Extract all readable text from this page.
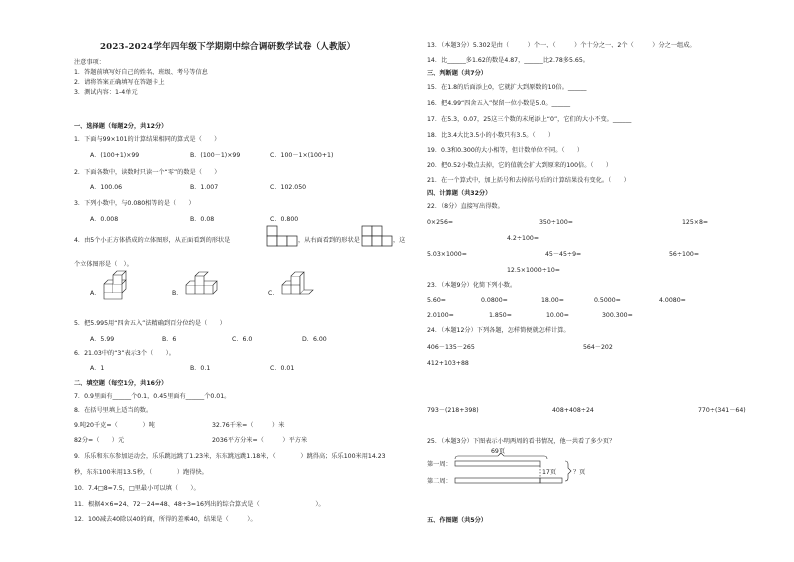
2023-2024学年四年级下学期期中综合调研数学试卷（人教版）
注意事项：
1．答题前填写好自己的姓名、班级、考号等信息
2．请将答案正确填写在答题卡上
3．测试内容：1-4单元
一、选择题（每题2分，共12分）
1．下面与99×101的计算结果相同的算式是（　　）
A．(100+1)×99	B．(100－1)×99	C．100－1×(100+1)
2．下面各数中，读数时只读一个“零”的数是（　　）
A．100.06	B．1.007	C．102.050
3．下列小数中，与0.080相等的是（　　）
A．0.008	B．0.08	C．0.800
4．由5个小正方体搭成的立体图形，从正面看到的形状是	，从右面看到的形状是	，这
个立体图形是（　）。
A．	B．	C．
5．把5.995用“四舍五入”法精确到百分位约是（　　）
A．5.99	B．6	C．6.0	D．6.00
6．21.03中的“3”表示3个（　　）。
A．1	B．0.1	C．0.01
二、填空题（每空1分，共16分）
7．0.9里面有______个0.1，0.45里面有______个0.01。
8．在括号里填上适当的数。
9.吨20千克=（　　　　）吨	32.76千米=（　　　）米
82分=（　　）元	2036平方分米=（　　　）平方米
9．乐乐和东东参加运动会，乐乐跳远跳了1.23米，东东跳远跳1.18米，（　　　　）跳得高；乐乐100米用14.23
秒，东东100米用13.5秒，（　　　　）跑得快。
10．7.4□8≈7.5，□里最小可以填（　　）。
11．根据4×6=24、72－24=48、48÷3=16列出的综合算式是（　　　　　　　　　）。
12．100减去40除以40的商，所得的差乘40，结果是（　　　）。
13．（本题3分）5.302是由（　　　）个一、（　　　）个十分之一、2个（　　　）分之一组成。
14．比______多1.62的数是4.87，______比2.78多5.65。
三、判断题（共7分）
15．在1.8的后面添上0，它就扩大到原数的10倍。______
16．把4.99“四舍五入”保留一位小数是5.0。______
17．在5.3，0.07，25这三个数的末尾添上“0”，它们的大小不变。______
18．比3.4大比3.5小的小数只有3.5。（　　）
19．0.3和0.300的大小相等，但计数单位不同。（　　）
20．把0.52小数点去掉，它的值就会扩大到原来的100倍。（　　）
21．在一个算式中，加上括号和去掉括号后的计算结果没有变化。（　　）
四、计算题（共32分）
22．（8分）直接写出得数。
0×256=	350÷100=	125×8=
4.2÷100=
5.03×1000=	45－45÷9=	56÷100=
12.5×1000÷10=
23．（本题9分）化简下列小数。
5.60=	0.0800=	18.00=	0.5000=	4.0080=
2.0100=	1.850=	10.00=	300.300=
24．（本题12分）下列各题，怎样简便就怎样计算。
406－135－265	564－202
412+103+88
793－(218+398)	408+408÷24	770÷(341－64)
25．（本题3分）下图表示小明两周的看书情况，他一共看了多少页？
第一周：
第二周：
69页
17页	？页
五、作图题（共5分）
